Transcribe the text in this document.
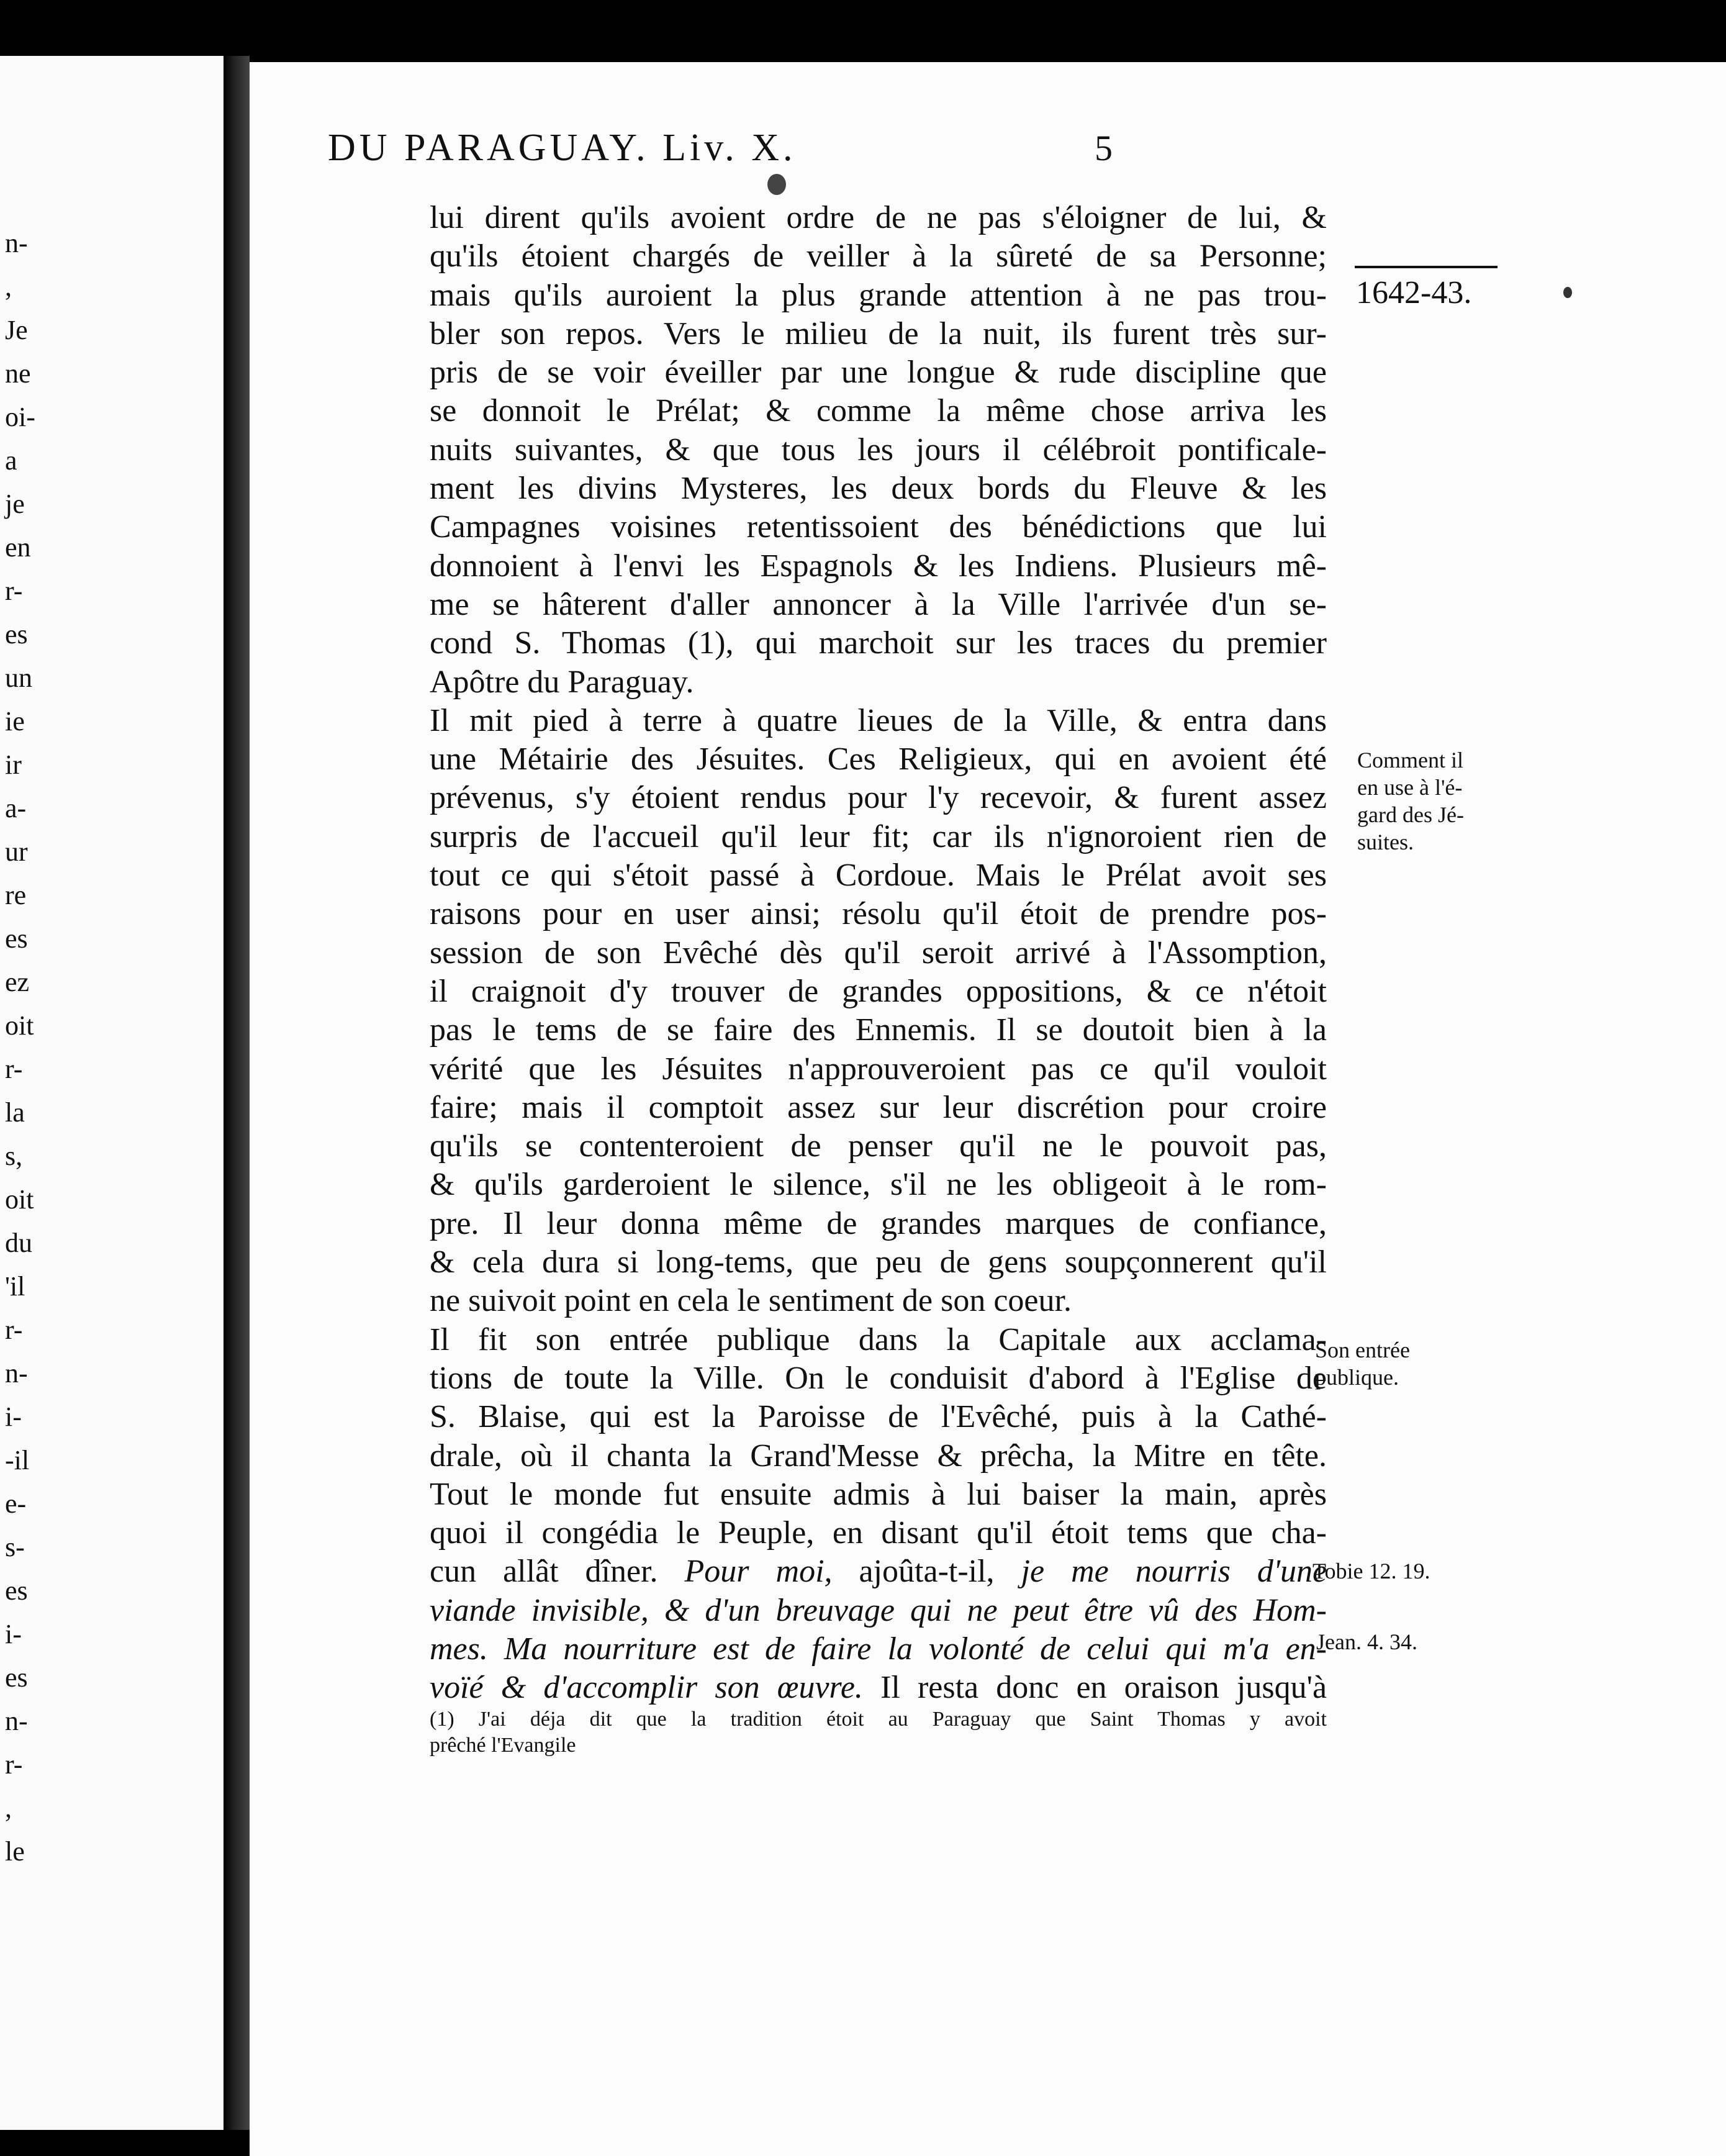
n-
,
Je
ne
oi-
a
je
en
r-
es
un
ie
ir
a-
ur
re
es
ez
oit
r-
la
s,
oit
du
'il
r-
n-
i-
-il
e-
s-
es
i-
es
n-
r-
,
le
DU PARAGUAY. Liv. X.	5
1642-43.
lui dirent qu'ils avoient ordre de ne pas s'éloigner de lui, &
qu'ils étoient chargés de veiller à la sûreté de sa Personne;
mais qu'ils auroient la plus grande attention à ne pas trou-
bler son repos. Vers le milieu de la nuit, ils furent très sur-
pris de se voir éveiller par une longue & rude discipline que
se donnoit le Prélat; & comme la même chose arriva les
nuits suivantes, & que tous les jours il célébroit pontificale-
ment les divins Mysteres, les deux bords du Fleuve & les
Campagnes voisines retentissoient des bénédictions que lui
donnoient à l'envi les Espagnols & les Indiens. Plusieurs mê-
me se hâterent d'aller annoncer à la Ville l'arrivée d'un se-
cond S. Thomas (1), qui marchoit sur les traces du premier
Apôtre du Paraguay.
Il mit pied à terre à quatre lieues de la Ville, & entra dans
une Métairie des Jésuites. Ces Religieux, qui en avoient été
prévenus, s'y étoient rendus pour l'y recevoir, & furent assez
surpris de l'accueil qu'il leur fit; car ils n'ignoroient rien de
tout ce qui s'étoit passé à Cordoue. Mais le Prélat avoit ses
raisons pour en user ainsi; résolu qu'il étoit de prendre pos-
session de son Evêché dès qu'il seroit arrivé à l'Assomption,
il craignoit d'y trouver de grandes oppositions, & ce n'étoit
pas le tems de se faire des Ennemis. Il se doutoit bien à la
vérité que les Jésuites n'approuveroient pas ce qu'il vouloit
faire; mais il comptoit assez sur leur discrétion pour croire
qu'ils se contenteroient de penser qu'il ne le pouvoit pas,
& qu'ils garderoient le silence, s'il ne les obligeoit à le rom-
pre. Il leur donna même de grandes marques de confiance,
& cela dura si long-tems, que peu de gens soupçonnerent qu'il
ne suivoit point en cela le sentiment de son coeur.
Il fit son entrée publique dans la Capitale aux acclama-
tions de toute la Ville. On le conduisit d'abord à l'Eglise de
S. Blaise, qui est la Paroisse de l'Evêché, puis à la Cathé-
drale, où il chanta la Grand'Messe & prêcha, la Mitre en tête.
Tout le monde fut ensuite admis à lui baiser la main, après
quoi il congédia le Peuple, en disant qu'il étoit tems que cha-
cun allât dîner. Pour moi, ajoûta-t-il, je me nourris d'une
viande invisible, & d'un breuvage qui ne peut être vû des Hom-
mes. Ma nourriture est de faire la volonté de celui qui m'a en-
voïé & d'accomplir son œuvre. Il resta donc en oraison jusqu'à
Comment il
en use à l'é-
gard des Jé-
suites.
Son entrée
publique.
Tobie 12. 19.
Jean. 4. 34.
(1) J'ai déja dit que la tradition étoit au Paraguay que Saint Thomas y avoit
prêché l'Evangile
